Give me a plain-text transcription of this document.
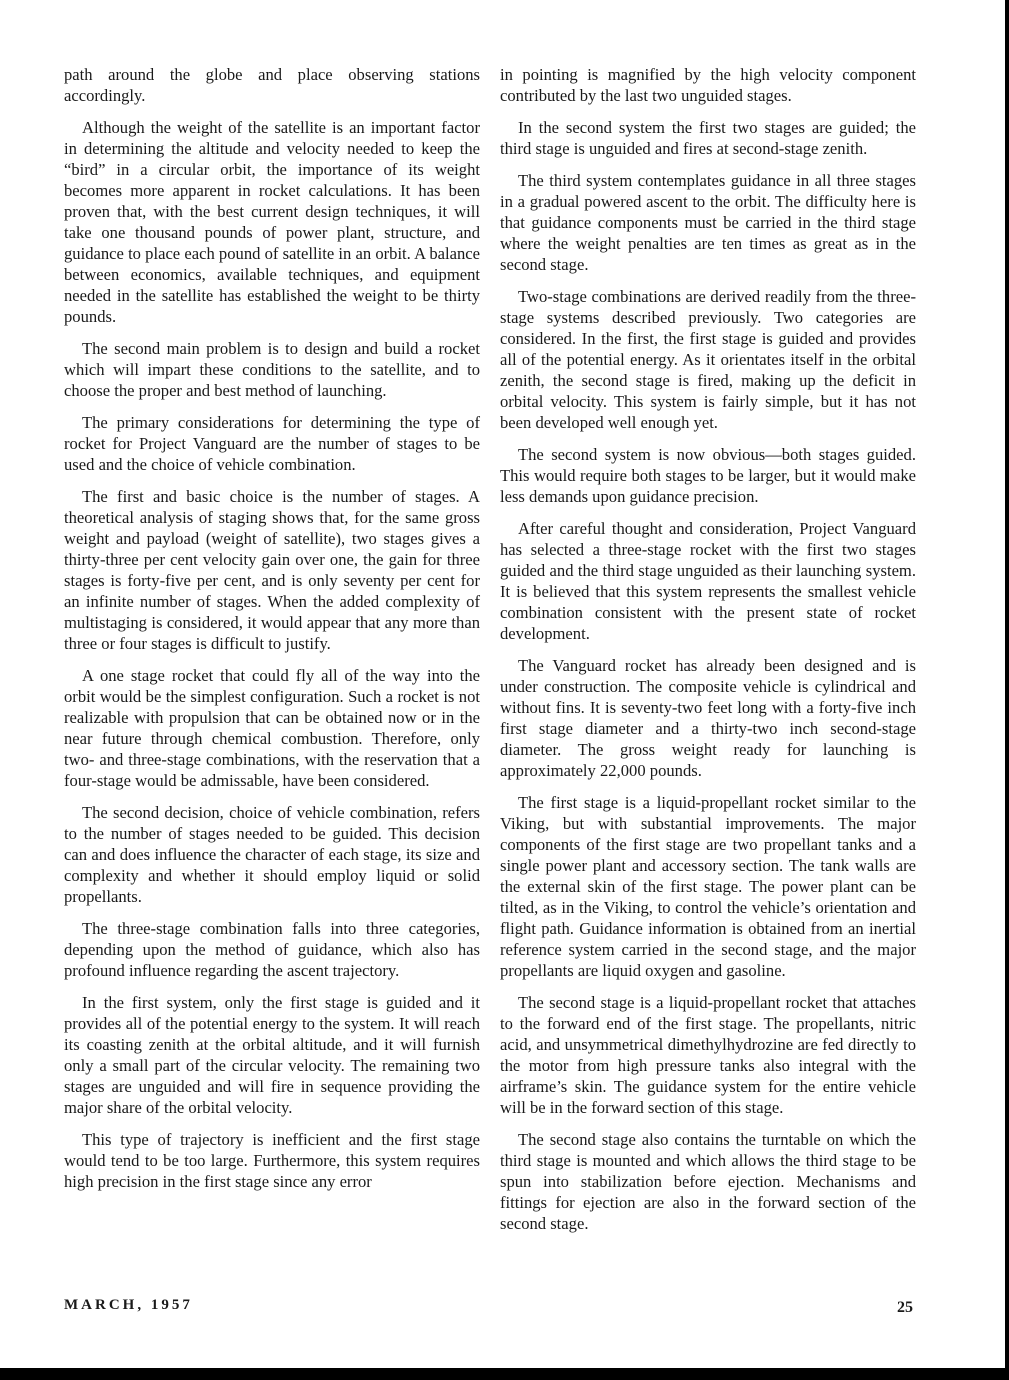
path around the globe and place observing stations accordingly.

Although the weight of the satellite is an important factor in determining the altitude and velocity needed to keep the “bird” in a circular orbit, the importance of its weight becomes more apparent in rocket calculations. It has been proven that, with the best current design techniques, it will take one thousand pounds of power plant, structure, and guidance to place each pound of satellite in an orbit. A balance between economics, available techniques, and equipment needed in the satellite has established the weight to be thirty pounds.

The second main problem is to design and build a rocket which will impart these conditions to the satellite, and to choose the proper and best method of launching.

The primary considerations for determining the type of rocket for Project Vanguard are the number of stages to be used and the choice of vehicle combination.

The first and basic choice is the number of stages. A theoretical analysis of staging shows that, for the same gross weight and payload (weight of satellite), two stages gives a thirty-three per cent velocity gain over one, the gain for three stages is forty-five per cent, and is only seventy per cent for an infinite number of stages. When the added complexity of multistaging is considered, it would appear that any more than three or four stages is difficult to justify.

A one stage rocket that could fly all of the way into the orbit would be the simplest configuration. Such a rocket is not realizable with propulsion that can be obtained now or in the near future through chemical combustion. Therefore, only two- and three-stage combinations, with the reservation that a four-stage would be admissable, have been considered.

The second decision, choice of vehicle combination, refers to the number of stages needed to be guided. This decision can and does influence the character of each stage, its size and complexity and whether it should employ liquid or solid propellants.

The three-stage combination falls into three categories, depending upon the method of guidance, which also has profound influence regarding the ascent trajectory.

In the first system, only the first stage is guided and it provides all of the potential energy to the system. It will reach its coasting zenith at the orbital altitude, and it will furnish only a small part of the circular velocity. The remaining two stages are unguided and will fire in sequence providing the major share of the orbital velocity.

This type of trajectory is inefficient and the first stage would tend to be too large. Furthermore, this system requires high precision in the first stage since any error

in pointing is magnified by the high velocity component contributed by the last two unguided stages.

In the second system the first two stages are guided; the third stage is unguided and fires at second-stage zenith.

The third system contemplates guidance in all three stages in a gradual powered ascent to the orbit. The difficulty here is that guidance components must be carried in the third stage where the weight penalties are ten times as great as in the second stage.

Two-stage combinations are derived readily from the three-stage systems described previously. Two categories are considered. In the first, the first stage is guided and provides all of the potential energy. As it orientates itself in the orbital zenith, the second stage is fired, making up the deficit in orbital velocity. This system is fairly simple, but it has not been developed well enough yet.

The second system is now obvious—both stages guided. This would require both stages to be larger, but it would make less demands upon guidance precision.

After careful thought and consideration, Project Vanguard has selected a three-stage rocket with the first two stages guided and the third stage unguided as their launching system. It is believed that this system represents the smallest vehicle combination consistent with the present state of rocket development.

The Vanguard rocket has already been designed and is under construction. The composite vehicle is cylindrical and without fins. It is seventy-two feet long with a forty-five inch first stage diameter and a thirty-two inch second-stage diameter. The gross weight ready for launching is approximately 22,000 pounds.

The first stage is a liquid-propellant rocket similar to the Viking, but with substantial improvements. The major components of the first stage are two propellant tanks and a single power plant and accessory section. The tank walls are the external skin of the first stage. The power plant can be tilted, as in the Viking, to control the vehicle’s orientation and flight path. Guidance information is obtained from an inertial reference system carried in the second stage, and the major propellants are liquid oxygen and gasoline.

The second stage is a liquid-propellant rocket that attaches to the forward end of the first stage. The propellants, nitric acid, and unsymmetrical dimethylhydrozine are fed directly to the motor from high pressure tanks also integral with the airframe’s skin. The guidance system for the entire vehicle will be in the forward section of this stage.

The second stage also contains the turntable on which the third stage is mounted and which allows the third stage to be spun into stabilization before ejection. Mechanisms and fittings for ejection are also in the forward section of the second stage.

MARCH, 1957	25
